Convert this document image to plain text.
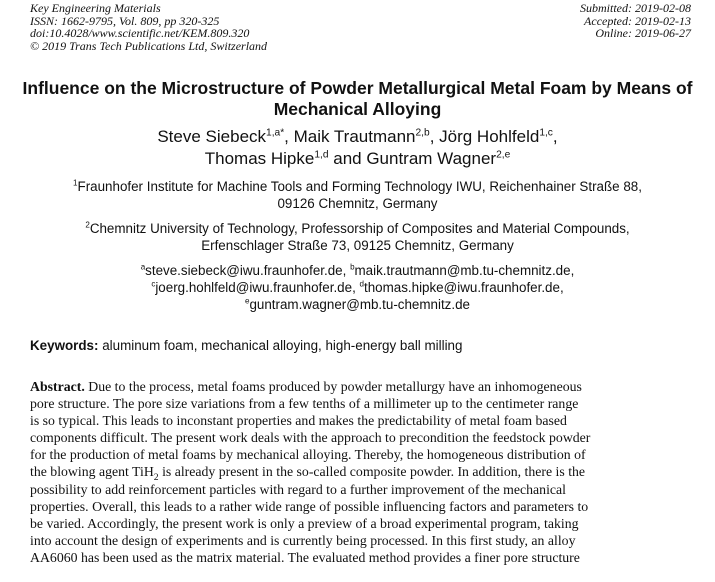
Key Engineering Materials
ISSN: 1662-9795, Vol. 809, pp 320-325
doi:10.4028/www.scientific.net/KEM.809.320
© 2019 Trans Tech Publications Ltd, Switzerland
Submitted: 2019-02-08
Accepted: 2019-02-13
Online: 2019-06-27
Influence on the Microstructure of Powder Metallurgical Metal Foam by Means of Mechanical Alloying
Steve Siebeck$^{1,a*}$, Maik Trautmann$^{2,b}$, Jörg Hohlfeld$^{1,c}$,
Thomas Hipke$^{1,d}$ and Guntram Wagner$^{2,e}$
$^1$Fraunhofer Institute for Machine Tools and Forming Technology IWU, Reichenhainer Straße 88,
09126 Chemnitz, Germany
$^2$Chemnitz University of Technology, Professorship of Composites and Material Compounds,
Erfenschlager Straße 73, 09125 Chemnitz, Germany
$^a$steve.siebeck@iwu.fraunhofer.de, $^b$maik.trautmann@mb.tu-chemnitz.de,
$^c$joerg.hohlfeld@iwu.fraunhofer.de, $^d$thomas.hipke@iwu.fraunhofer.de,
$^e$guntram.wagner@mb.tu-chemnitz.de
Keywords: aluminum foam, mechanical alloying, high-energy ball milling
Abstract. Due to the process, metal foams produced by powder metallurgy have an inhomogeneous
pore structure. The pore size variations from a few tenths of a millimeter up to the centimeter range
is so typical. This leads to inconstant properties and makes the predictability of metal foam based
components difficult. The present work deals with the approach to precondition the feedstock powder
for the production of metal foams by mechanical alloying. Thereby, the homogeneous distribution of
the blowing agent TiH$_2$ is already present in the so-called composite powder. In addition, there is the
possibility to add reinforcement particles with regard to a further improvement of the mechanical
properties. Overall, this leads to a rather wide range of possible influencing factors and parameters to
be varied. Accordingly, the present work is only a preview of a broad experimental program, taking
into account the design of experiments and is currently being processed. In this first study, an alloy
AA6060 has been used as the matrix material. The evaluated method provides a finer pore structure
